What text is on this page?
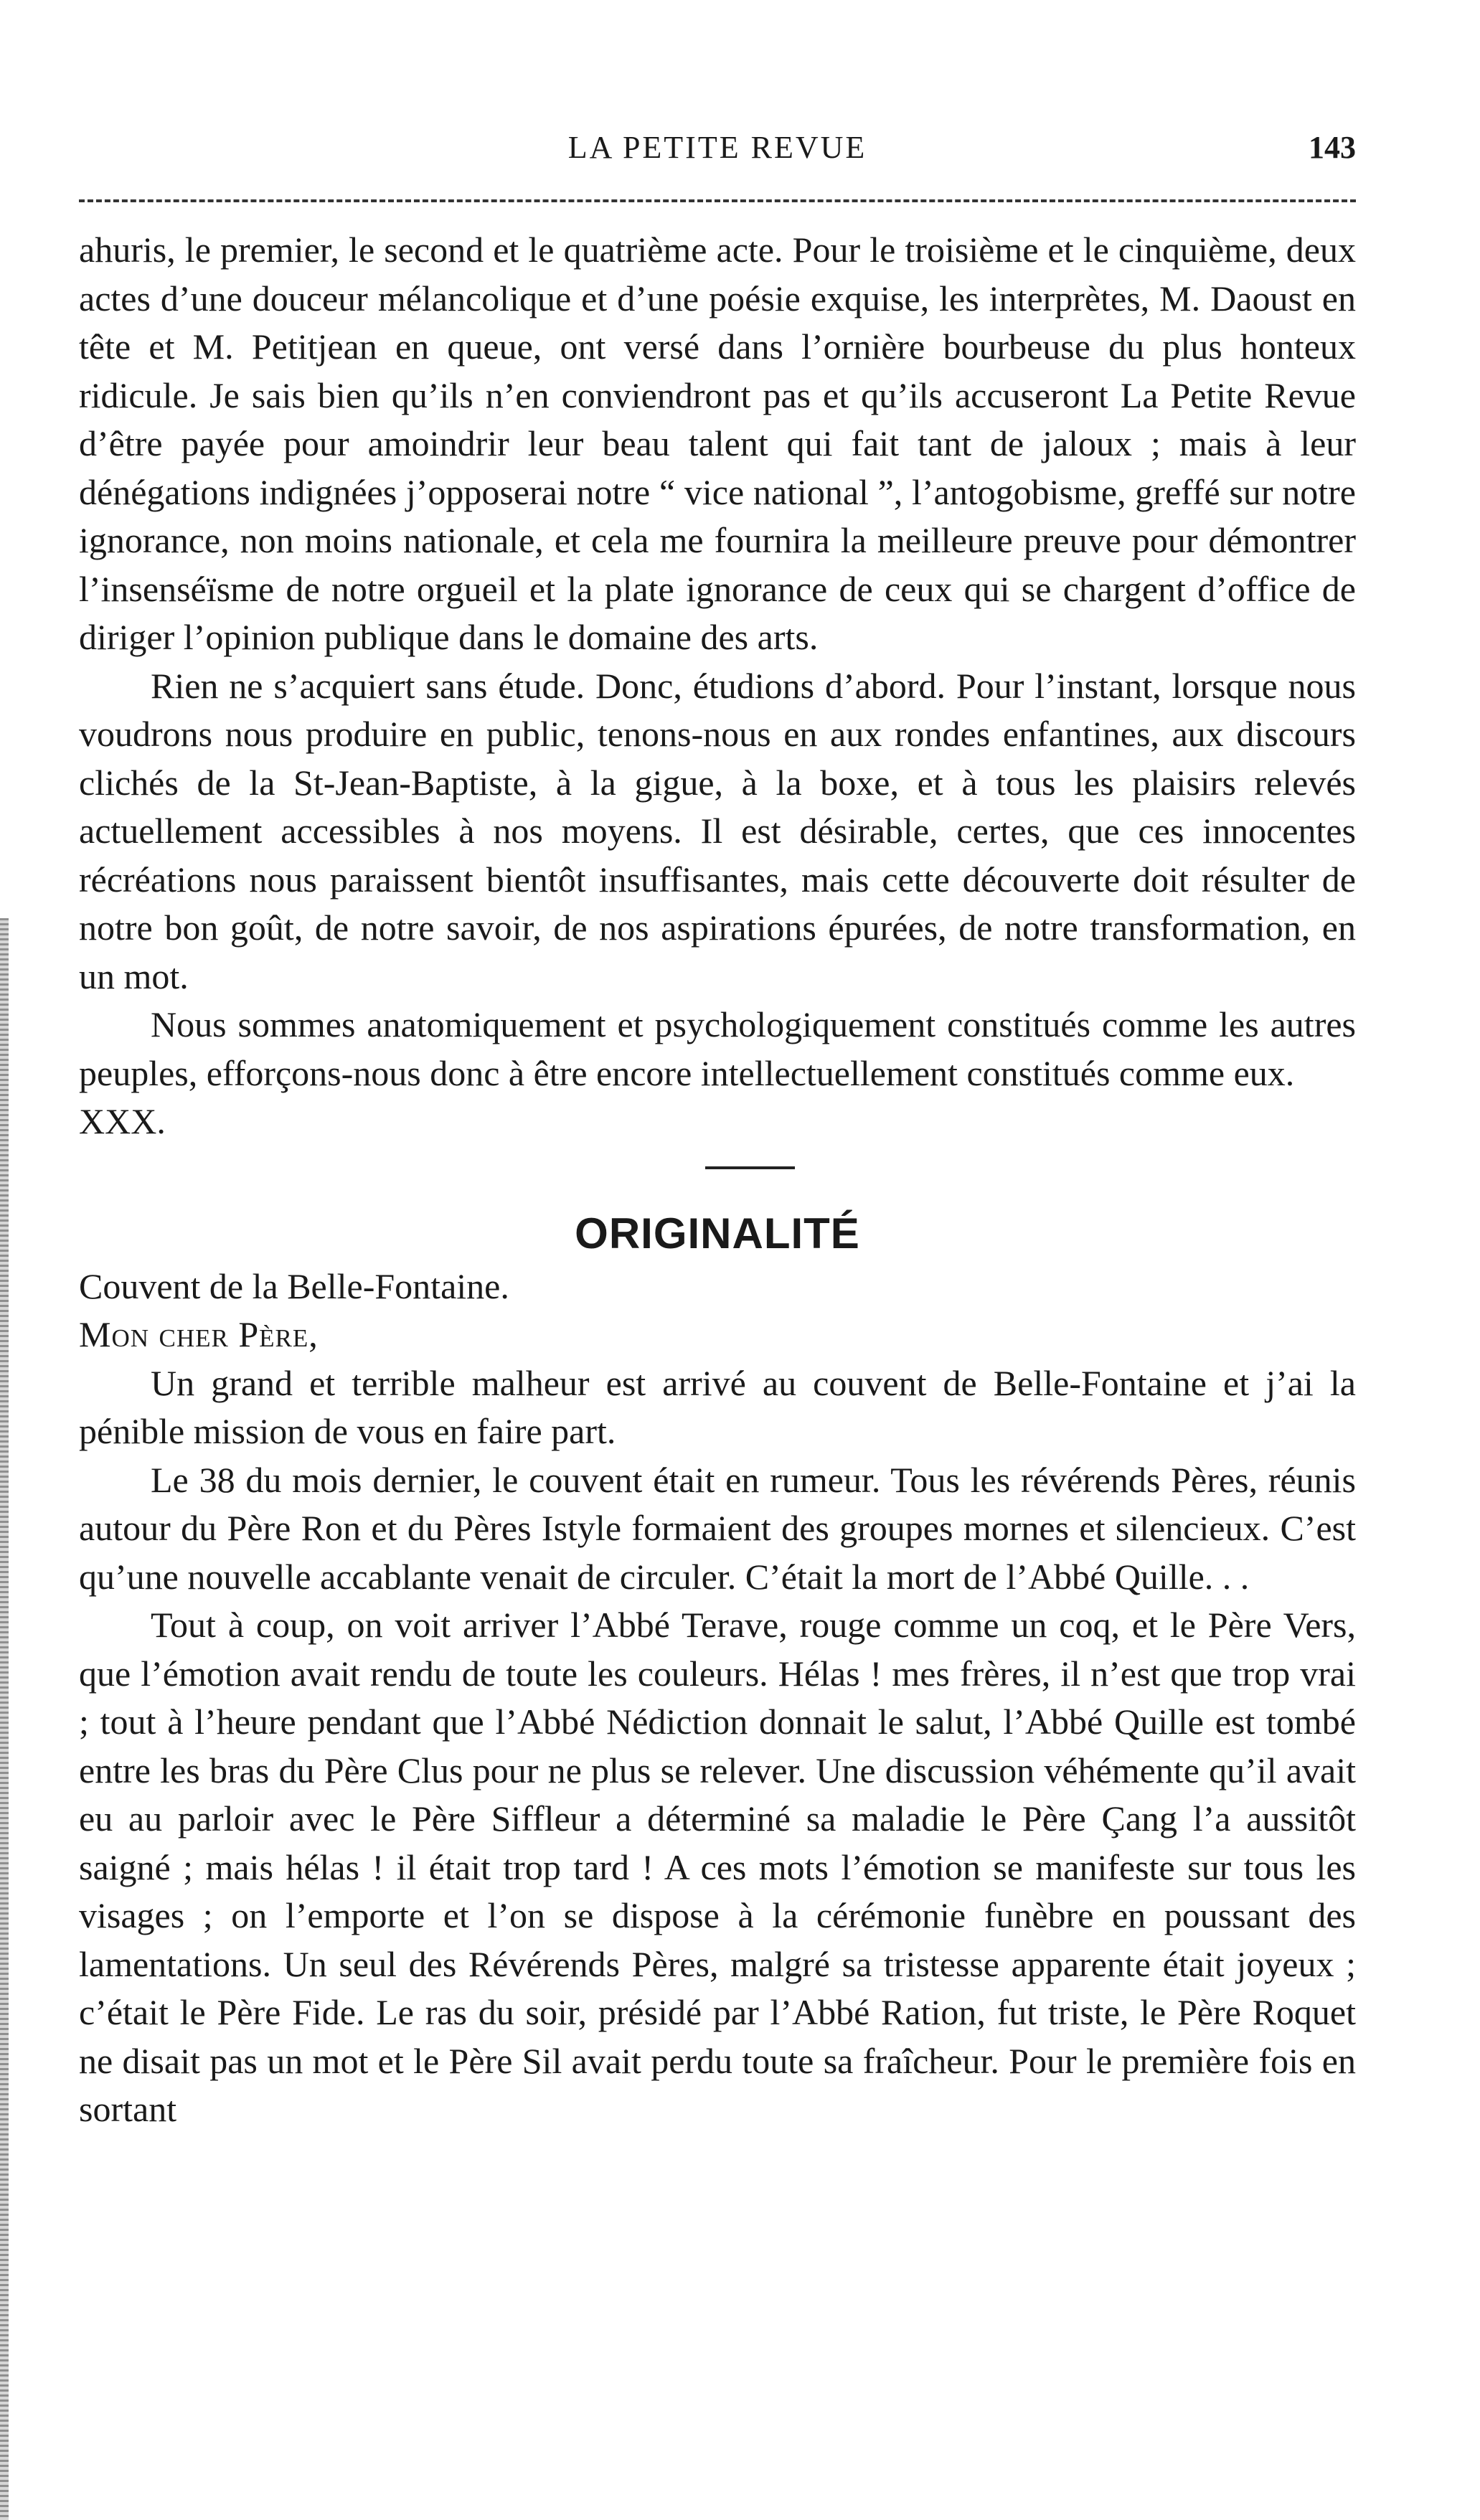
LA PETITE REVUE	143

ahuris, le premier, le second et le quatrième acte. Pour le troisième et le cinquième, deux actes d’une douceur mélancolique et d’une poésie exquise, les interprètes, M. Daoust en tête et M. Petitjean en queue, ont versé dans l’ornière bourbeuse du plus honteux ridicule. Je sais bien qu’ils n’en conviendront pas et qu’ils accuseront La Petite Revue d’être payée pour amoindrir leur beau talent qui fait tant de jaloux ; mais à leur dénégations indignées j’opposerai notre “ vice national ”, l’antogobisme, greffé sur notre ignorance, non moins nationale, et cela me fournira la meilleure preuve pour démontrer l’insenséïsme de notre orgueil et la plate ignorance de ceux qui se chargent d’office de diriger l’opinion publique dans le domaine des arts.

Rien ne s’acquiert sans étude. Donc, étudions d’abord. Pour l’instant, lorsque nous voudrons nous produire en public, tenons-nous en aux rondes enfantines, aux discours clichés de la St-Jean-Baptiste, à la gigue, à la boxe, et à tous les plaisirs relevés actuellement accessibles à nos moyens. Il est désirable, certes, que ces innocentes récréations nous paraissent bientôt insuffisantes, mais cette découverte doit résulter de notre bon goût, de notre savoir, de nos aspirations épurées, de notre transformation, en un mot.

Nous sommes anatomiquement et psychologiquement constitués comme les autres peuples, efforçons-nous donc à être encore intellectuellement constitués comme eux.

XXX.

ORIGINALITÉ

Couvent de la Belle-Fontaine.

Mon cher Père,

Un grand et terrible malheur est arrivé au couvent de Belle-Fontaine et j’ai la pénible mission de vous en faire part.

Le 38 du mois dernier, le couvent était en rumeur. Tous les révérends Pères, réunis autour du Père Ron et du Pères Istyle formaient des groupes mornes et silencieux. C’est qu’une nouvelle accablante venait de circuler. C’était la mort de l’Abbé Quille. . .

Tout à coup, on voit arriver l’Abbé Terave, rouge comme un coq, et le Père Vers, que l’émotion avait rendu de toute les couleurs. Hélas ! mes frères, il n’est que trop vrai ; tout à l’heure pendant que l’Abbé Nédiction donnait le salut, l’Abbé Quille est tombé entre les bras du Père Clus pour ne plus se relever. Une discussion véhémente qu’il avait eu au parloir avec le Père Siffleur a déterminé sa maladie le Père Çang l’a aussitôt saigné ; mais hélas ! il était trop tard ! A ces mots l’émotion se manifeste sur tous les visages ; on l’emporte et l’on se dispose à la cérémonie funèbre en poussant des lamentations. Un seul des Révérends Pères, malgré sa tristesse apparente était joyeux ; c’était le Père Fide. Le ras du soir, présidé par l’Abbé Ration, fut triste, le Père Roquet ne disait pas un mot et le Père Sil avait perdu toute sa fraîcheur. Pour le première fois en sortant
